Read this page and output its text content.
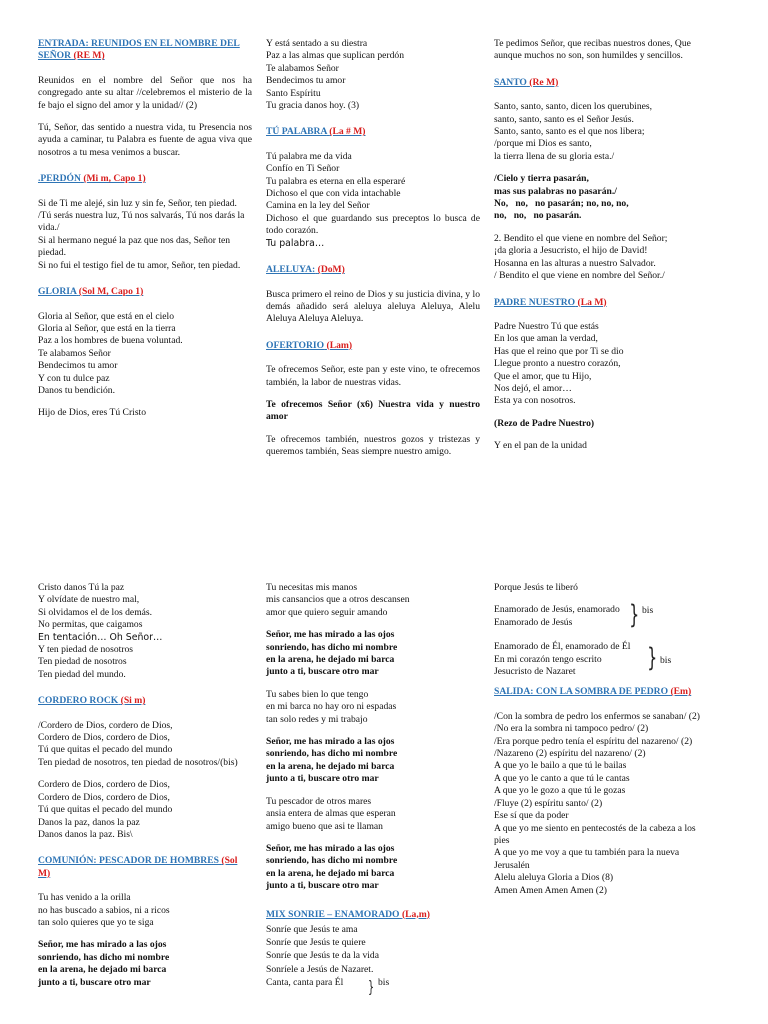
ENTRADA: REUNIDOS EN EL NOMBRE DEL SEÑOR (RE M)

Reunidos en el nombre del Señor que nos ha congregado ante su altar //celebremos el misterio de la fe bajo el signo del amor y la unidad// (2)

Tú, Señor, das sentido a nuestra vida, tu Presencia nos ayuda a caminar, tu Palabra es fuente de agua viva que nosotros a tu mesa venimos a buscar.

.PERDÓN (Mi m, Capo 1)

Si de Ti me alejé, sin luz y sin fe, Señor, ten piedad.
/Tú serás nuestra luz, Tú nos salvarás, Tú nos darás la vida./
Si al hermano negué la paz que nos das, Señor ten piedad.
Si no fui el testigo fiel de tu amor, Señor, ten piedad.

GLORIA (Sol M, Capo 1)

Gloria al Señor, que está en el cielo
Gloria al Señor, que está en la tierra
Paz a los hombres de buena voluntad.
Te alabamos Señor
Bendecimos tu amor
Y con tu dulce paz
Danos tu bendición.

Hijo de Dios, eres Tú Cristo

Y está sentado a su diestra
Paz a las almas que suplican perdón
Te alabamos Señor
Bendecimos tu amor
Santo Espíritu
Tu gracia danos hoy. (3)

TÚ PALABRA (La # M)

Tú palabra me da vida
Confío en Ti Señor
Tu palabra es eterna en ella esperaré
Dichoso el que con vida intachable
Camina en la ley del Señor
Dichoso el que guardando sus preceptos lo busca de todo corazón.
Tu palabra…

ALELUYA: (DoM)

Busca primero el reino de Dios y su justicia divina, y lo demás añadido será aleluya aleluya Aleluya, Alelu Aleluya Aleluya Aleluya.

OFERTORIO (Lam)

Te ofrecemos Señor, este pan y este vino, te ofrecemos también, la labor de nuestras vidas.

Te ofrecemos Señor (x6) Nuestra vida y nuestro amor

Te ofrecemos también, nuestros gozos y tristezas y queremos también, Seas siempre nuestro amigo.

Te pedimos Señor, que recibas nuestros dones, Que aunque muchos no son, son humildes y sencillos.

SANTO (Re M)

Santo, santo, santo, dicen los querubines,
santo, santo, santo es el Señor Jesús.
Santo, santo, santo es el que nos libera;
/porque mi Dios es santo,
la tierra llena de su gloria esta./

/Cielo y tierra pasarán,
mas sus palabras no pasarán./
No,   no,   no pasarán; no, no, no,
no,   no,   no pasarán.

2. Bendito el que viene en nombre del Señor;
¡da gloria a Jesucristo, el hijo de David!
Hosanna en las alturas a nuestro Salvador.
/ Bendito el que viene en nombre del Señor./

PADRE NUESTRO (La M)

Padre Nuestro Tú que estás
En los que aman la verdad,
Has que el reino que por Ti se dio
Llegue pronto a nuestro corazón,
Que el amor, que tu Hijo,
Nos dejó, el amor…
Esta ya con nosotros.

(Rezo de Padre Nuestro)

Y en el pan de la unidad

Cristo danos Tú la paz
Y olvídate de nuestro mal,
Si olvidamos el de los demás.
No permitas, que caigamos
En tentación… Oh Señor…
Y ten piedad de nosotros
Ten piedad de nosotros
Ten piedad del mundo.

CORDERO ROCK (Si m)

/Cordero de Dios, cordero de Dios,
Cordero de Dios, cordero de Dios,
Tú que quitas el pecado del mundo
Ten piedad de nosotros, ten piedad de nosotros/(bis)

Cordero de Dios, cordero de Dios,
Cordero de Dios, cordero de Dios,
Tú que quitas el pecado del mundo
Danos la paz, danos la paz
Danos danos la paz. Bis\

COMUNIÓN: PESCADOR DE HOMBRES (Sol M)

Tu has venido a la orilla
no has buscado a sabios, ni a ricos
tan solo quieres que yo te siga

Señor, me has mirado a las ojos
sonriendo, has dicho mi nombre
en la arena, he dejado mi barca
junto a ti, buscare otro mar

Tu necesitas mis manos
mis cansancios que a otros descansen
amor que quiero seguir amando

Señor, me has mirado a las ojos
sonriendo, has dicho mi nombre
en la arena, he dejado mi barca
junto a ti, buscare otro mar

Tu sabes bien lo que tengo
en mi barca no hay oro ni espadas
tan solo redes y mi trabajo

Señor, me has mirado a las ojos
sonriendo, has dicho mi nombre
en la arena, he dejado mi barca
junto a ti, buscare otro mar

Tu pescador de otros mares
ansia entera de almas que esperan
amigo bueno que asi te llaman

Señor, me has mirado a las ojos
sonriendo, has dicho mi nombre
en la arena, he dejado mi barca
junto a ti, buscare otro mar

MIX SONRIE – ENAMORADO (La,m)

Sonríe que Jesús te ama
Sonríe que Jesús te quiere
Sonríe que Jesús te da la vida
Sonríele a Jesús de Nazaret.
Canta, canta para Él } bis

Porque Jesús te liberó

Enamorado de Jesús, enamorado
Enamorado de Jesús	} bis
Enamorado de Él, enamorado de Él
En mi corazón tengo escrito
Jesucristo de Nazaret	} bis
SALIDA: CON LA SOMBRA DE PEDRO (Em)

/Con la sombra de pedro los enfermos se sanaban/ (2)
/No era la sombra ni tampoco pedro/ (2)
/Era porque pedro tenía el espíritu del nazareno/ (2)
/Nazareno (2) espíritu del nazareno/ (2)
A que yo le bailo a que tú le bailas
A que yo le canto a que tú le cantas
A que yo le gozo a que tú le gozas
/Fluye (2) espíritu santo/ (2)
Ese sí que da poder
A que yo me siento en pentecostés de la cabeza a los pies
A que yo me voy a que tu también para la nueva Jerusalén
Alelu aleluya Gloria a Dios (8)
Amen Amen Amen Amen (2)
